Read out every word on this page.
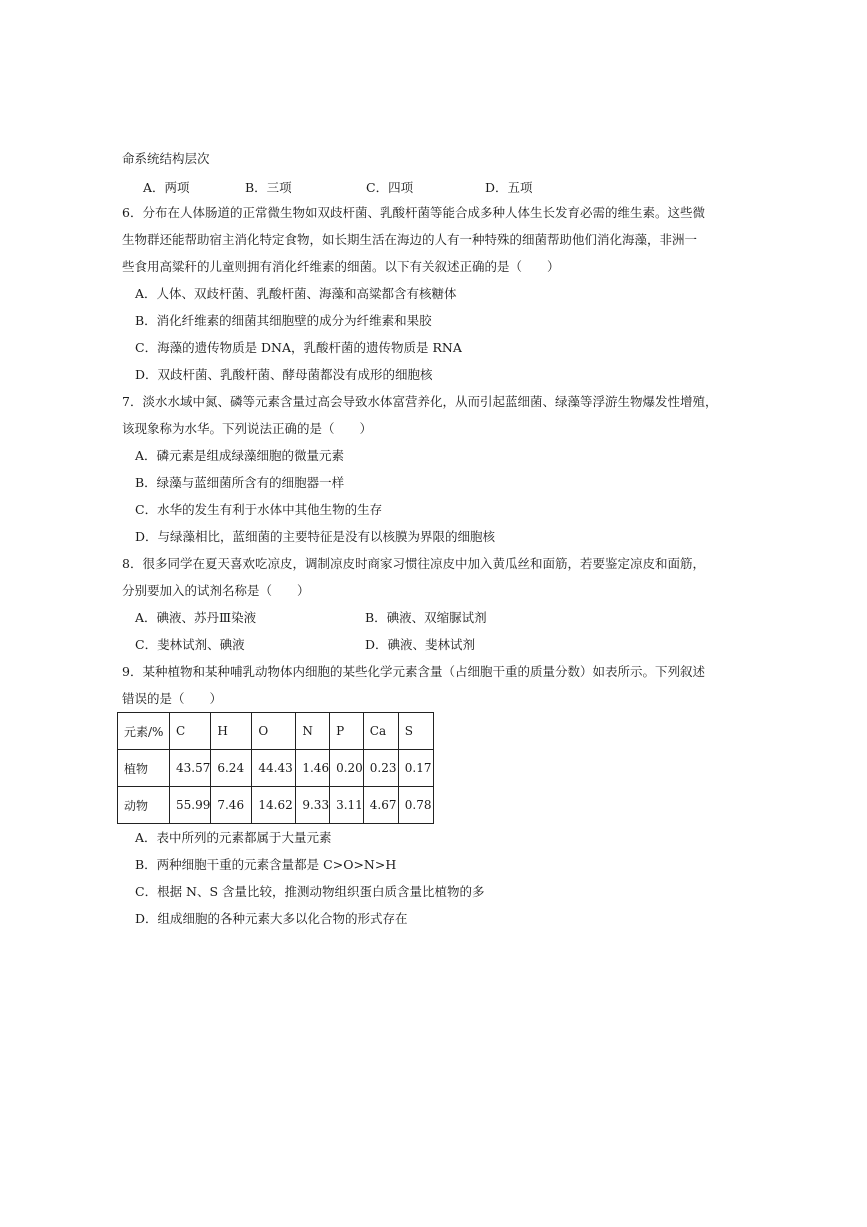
命系统结构层次
A．两项	B．三项	C．四项	D．五项
6．分布在人体肠道的正常微生物如双歧杆菌、乳酸杆菌等能合成多种人体生长发育必需的维生素。这些微
生物群还能帮助宿主消化特定食物，如长期生活在海边的人有一种特殊的细菌帮助他们消化海藻，非洲一
些食用高粱秆的儿童则拥有消化纤维素的细菌。以下有关叙述正确的是（　　）
A．人体、双歧杆菌、乳酸杆菌、海藻和高粱都含有核糖体
B．消化纤维素的细菌其细胞壁的成分为纤维素和果胶
C．海藻的遗传物质是 DNA，乳酸杆菌的遗传物质是 RNA
D．双歧杆菌、乳酸杆菌、酵母菌都没有成形的细胞核
7．淡水水域中氮、磷等元素含量过高会导致水体富营养化，从而引起蓝细菌、绿藻等浮游生物爆发性增殖，
该现象称为水华。下列说法正确的是（　　）
A．磷元素是组成绿藻细胞的微量元素
B．绿藻与蓝细菌所含有的细胞器一样
C．水华的发生有利于水体中其他生物的生存
D．与绿藻相比，蓝细菌的主要特征是没有以核膜为界限的细胞核
8．很多同学在夏天喜欢吃凉皮，调制凉皮时商家习惯往凉皮中加入黄瓜丝和面筋，若要鉴定凉皮和面筋，
分别要加入的试剂名称是（　　）
A．碘液、苏丹Ⅲ染液	B．碘液、双缩脲试剂
C．斐林试剂、碘液	D．碘液、斐林试剂
9．某种植物和某种哺乳动物体内细胞的某些化学元素含量（占细胞干重的质量分数）如表所示。下列叙述
错误的是（　　）
元素/%	C	H	O	N	P	Ca	S
植物	43.57	6.24	44.43	1.46	0.20	0.23	0.17
动物	55.99	7.46	14.62	9.33	3.11	4.67	0.78
A．表中所列的元素都属于大量元素
B．两种细胞干重的元素含量都是 C>O>N>H
C．根据 N、S 含量比较，推测动物组织蛋白质含量比植物的多
D．组成细胞的各种元素大多以化合物的形式存在
